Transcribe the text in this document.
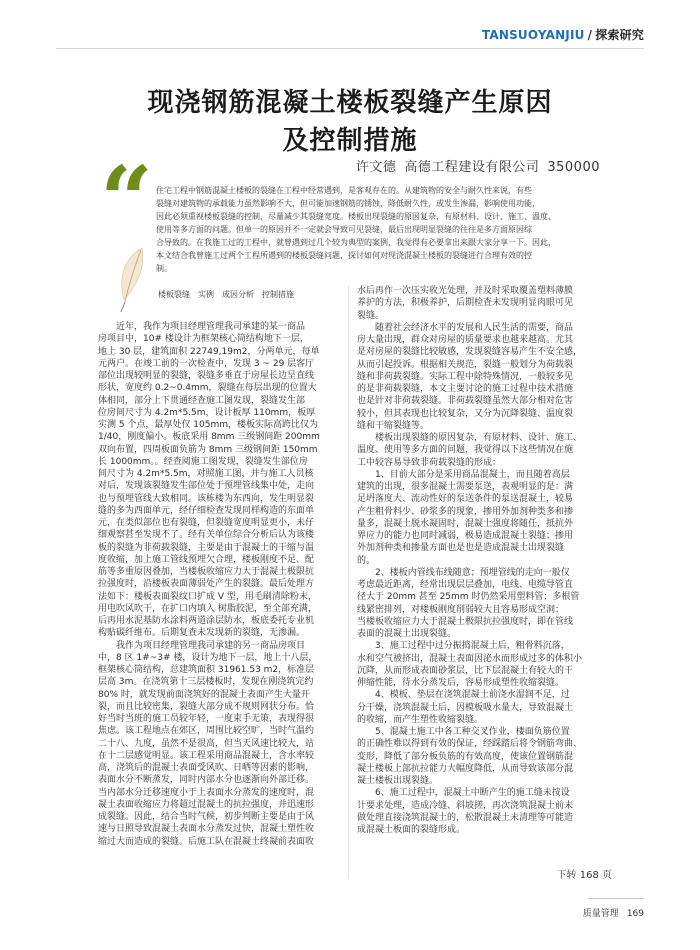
TANSUOYANJIU / 探索研究
现浇钢筋混凝土楼板裂缝产生原因
及控制措施
许文德 高德工程建设有限公司 350000
“ 住宅工程中钢筋混凝土楼板的裂缝在工程中经常遇到，是客观存在的。从建筑物的安全与耐久性来说，有些
裂缝对建筑物的承载能力虽然影响不大，但可能加速钢筋的锈蚀，降低耐久性，或发生渗漏，影响使用功能，
因此必须重视楼板裂缝的控制，尽量减少其裂缝宽度。楼板出现裂缝的原因复杂，有原材料、设计、施工、温度、
使用等多方面的问题。但单一的原因并不一定就会导致可见裂缝，最后出现明显裂缝的往往是多方面原因综
合导致的。在我施工过的工程中，就曾遇到过几个较为典型的案例，我觉得有必要拿出来跟大家分享一下。因此，
本文结合我曾施工过两个工程所遇到的楼板裂缝问题，探讨如何对现浇混凝土楼板的裂缝进行合理有效的控
制。
楼板裂缝　实例　成因分析　控制措施
　　近年，我作为项目经理管理我司承建的某一商品
房项目中，10# 楼设计为框架核心筒结构地下一层，
地上 30 层，建筑面积 22749,19m2，分两单元，每单
元两户。在竣工前的一次检查中，发现 3 ~ 29 层客厅
部位出现较明显的裂缝，裂缝多垂直于房屋长边呈直线
形状，宽度约 0.2~0.4mm，裂缝在每层出现的位置大
体相同，部分上下贯通经查施工图发现，裂缝发生部
位房间尺寸为 4.2m*5.5m，设计板厚 110mm，板厚
实测 5 个点，最厚处仅 105mm，楼板实际高跨比仅为
1/40，刚度偏小。板底采用 8mm 三级钢间距 200mm
双向布置，四周板面负筋为 8mm 三级钢间距 150mm
长 1000mm。。经查阅施工图发现，裂缝发生部位房
间尺寸为 4.2m*5.5m，对照施工图，并与施工人员核
对后，发现该裂缝发生部位处于预埋管线集中处，走向
也与预埋管线大致相同。该栋楼为东西向，发生明显裂
缝的多为西面单元，经仔细检查发现同样构造的东面单
元，在类似部位也有裂缝，但裂缝宽度明显更小，未仔
细观察甚至发现不了。经有关单位综合分析后认为该楼
板的裂缝为非荷载裂缝，主要是由于混凝土的干缩与温
度收缩，加上施工管线预埋欠合理，楼板刚度不足、配
筋等多重原因叠加，当楼板收缩应力大于混凝土极限抗
拉强度时，沿楼板表面薄弱处产生的裂缝。最后处理方
法如下：楼板表面裂纹口扩成 V 型，用毛刷清除粉末，
用电吹风吹干，在扩口内填入 树脂胶泥，至全部充满，
后再用水泥基防水涂料两道涂层防水，板底委托专业机
构贴碳纤维布。后期复查未发现新的裂缝，无渗漏。
　　我作为项目经理管理我司承建的另一商品房项目
中，8 区 1#~3# 楼，设计为地下一层，地上十八层，
框架核心筒结构，总建筑面积 31961.53 m2，标准层
层高 3m。在浇筑第十三层楼板时，发现在刚浇筑完约
80% 时，就发现前面浇筑好的混凝土表面产生大量开
裂，而且比较密集，裂缝大部分成不规则网状分布。恰
好当时当班的施工员较年轻，一度束手无策，表现得很
焦虑。该工程地点在郊区，周围比较空旷，当时气温约
二十八、九度，虽然不是很高，但当天风速比较大，站
在十二层感觉明显。该工程采用商品混凝土，含水率较
高，浇筑后的混凝土表面受风吹、日晒等因素的影响，
表面水分不断蒸发，同时内部水分也逐渐向外部迁移。
当内部水分迁移速度小于上表面水分蒸发的速度时，混
凝土表面收缩应力将超过混凝土的抗拉强度，并迅速形
成裂缝。因此，结合当时气候，初步判断主要是由于风
速与日照导致混凝土表面水分蒸发过快，混凝土塑性收
缩过大而造成的裂缝。后施工队在混凝土终凝前表面收
水后再作一次压实收光处理，并及时采取覆盖塑料薄膜
养护的方法，积极养护，后期检查未发现明显肉眼可见
裂缝。
　　随着社会经济水平的发展和人民生活的需要，商品
房大量出现，群众对房屋的质量要求也越来越高。尤其
是对房屋的裂缝比较敏感，发现裂缝容易产生不安全感，
从而引起投诉。根据相关规范，裂缝一般划分为荷载裂
缝和非荷载裂缝。实际工程中除特殊情况，一般较多见
的是非荷载裂缝，本文主要讨论的施工过程中技术措施
也是针对非荷载裂缝。非荷载裂缝虽然大部分相对危害
较小，但其表现也比较复杂，又分为沉降裂缝、温度裂
缝和干缩裂缝等。
　　楼板出现裂缝的原因复杂，有原材料、设计、施工、
温度、使用等多方面的问题，我觉得以下这些情况在施
工中较容易导致非荷载裂缝的形成：
　　1、目前大部分是采用商品混凝土，而且随着高层
建筑的出现，很多混凝土需要泵送，表观明显的是：满
足坍落度大、流动性好的泵送条件的泵送混凝土，较易
产生粗骨料少、砂浆多的现象，掺用外加剂种类多和掺
量多，混凝土脱水凝固时，混凝土强度将随任，抵抗外
界应力的能力也同时减弱，极易造成混凝土裂缝；掺用
外加剂种类和掺量方面也是也是造成混凝土出现裂缝
的。
　　2、楼板内管线布线随意；预埋管线的走向一般仅
考虑最近距离，经常出现层层叠加，电线、电缆导管直
径大于 20mm 甚至 25mm 时仍然采用塑料管；多根管
线紧密排列，对楼板刚度削弱较大且容易形成空洞；
当楼板收缩应力大于混凝土极限抗拉强度时，即在管线
表面的混凝土出现裂缝。
　　3、施工过程中过分振捣混凝土后，粗骨料沉落，
水和空气被挤出，混凝土表面因泌水而形成过多的体积小
沉降，从而形成表面砂浆层，比下层混凝土有较大的干
伸缩性能，待水分蒸发后，容易形成塑性收缩裂缝。
　　4、模板、垫层在浇筑混凝土前浇水湿润不足，过
分干燥，浇筑混凝土后，因模板吸水量大，导致混凝土
的收缩，而产生塑性收缩裂缝。
　　5、混凝土施工中各工种交叉作业，楼面负筋位置
的正确性难以得到有效的保证，经踩踏后将令钢筋弯曲、
变形，降低了部分板负筋的有效高度，使该位置钢筋混
凝土楼板上部抗拉能力大幅度降低，从而导致该部分混
凝土楼板出现裂缝。
　　6、施工过程中，混凝土中断产生的施工缝未按设
计要求处理，造成冷缝、斜坡搓，再次浇筑混凝土前未
做处理直接浇筑混凝土的，松散混凝土未清理等可能造
成混凝土板面的裂缝形成。
下转 168 页
质量管理 169
